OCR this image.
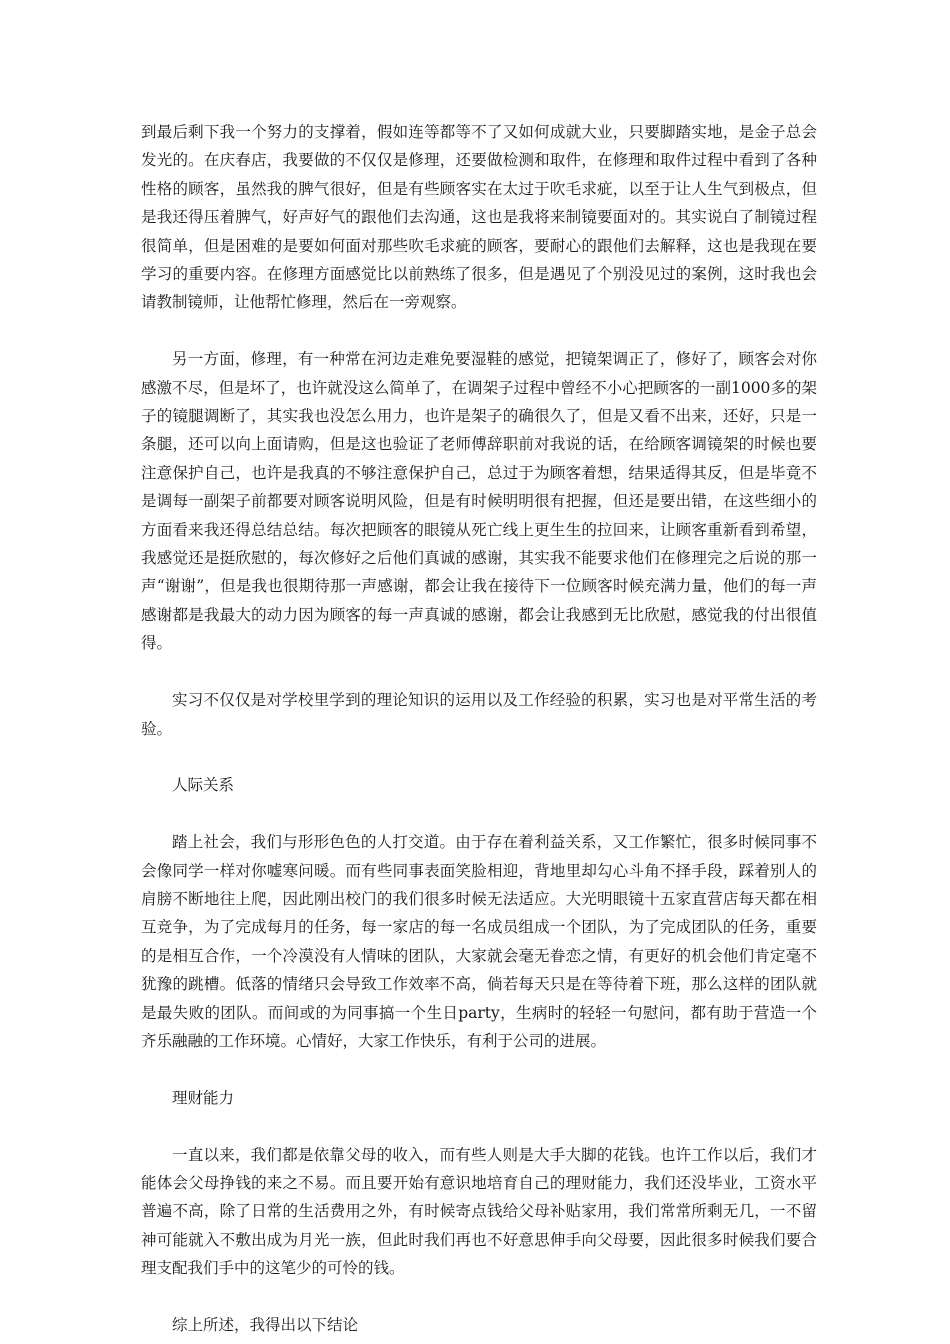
到最后剩下我一个努力的支撑着，假如连等都等不了又如何成就大业，只要脚踏实地，是金子总会发光的。在庆春店，我要做的不仅仅是修理，还要做检测和取件，在修理和取件过程中看到了各种性格的顾客，虽然我的脾气很好，但是有些顾客实在太过于吹毛求疵，以至于让人生气到极点，但是我还得压着脾气，好声好气的跟他们去沟通，这也是我将来制镜要面对的。其实说白了制镜过程很简单，但是困难的是要如何面对那些吹毛求疵的顾客，要耐心的跟他们去解释，这也是我现在要学习的重要内容。在修理方面感觉比以前熟练了很多，但是遇见了个别没见过的案例，这时我也会请教制镜师，让他帮忙修理，然后在一旁观察。

另一方面，修理，有一种常在河边走难免要湿鞋的感觉，把镜架调正了，修好了，顾客会对你感激不尽，但是坏了，也许就没这么简单了，在调架子过程中曾经不小心把顾客的一副1000多的架子的镜腿调断了，其实我也没怎么用力，也许是架子的确很久了，但是又看不出来，还好，只是一条腿，还可以向上面请购，但是这也验证了老师傅辞职前对我说的话，在给顾客调镜架的时候也要注意保护自己，也许是我真的不够注意保护自己，总过于为顾客着想，结果适得其反，但是毕竟不是调每一副架子前都要对顾客说明风险，但是有时候明明很有把握，但还是要出错，在这些细小的方面看来我还得总结总结。每次把顾客的眼镜从死亡线上更生生的拉回来，让顾客重新看到希望，我感觉还是挺欣慰的，每次修好之后他们真诚的感谢，其实我不能要求他们在修理完之后说的那一声“谢谢”，但是我也很期待那一声感谢，都会让我在接待下一位顾客时候充满力量，他们的每一声感谢都是我最大的动力因为顾客的每一声真诚的感谢，都会让我感到无比欣慰，感觉我的付出很值得。

实习不仅仅是对学校里学到的理论知识的运用以及工作经验的积累，实习也是对平常生活的考验。

人际关系

踏上社会，我们与形形色色的人打交道。由于存在着利益关系，又工作繁忙，很多时候同事不会像同学一样对你嘘寒问暖。而有些同事表面笑脸相迎，背地里却勾心斗角不择手段，踩着别人的肩膀不断地往上爬，因此刚出校门的我们很多时候无法适应。大光明眼镜十五家直营店每天都在相互竞争，为了完成每月的任务，每一家店的每一名成员组成一个团队，为了完成团队的任务，重要的是相互合作，一个冷漠没有人情味的团队，大家就会毫无眷恋之情，有更好的机会他们肯定毫不犹豫的跳槽。低落的情绪只会导致工作效率不高，倘若每天只是在等待着下班，那么这样的团队就是最失败的团队。而间或的为同事搞一个生日party，生病时的轻轻一句慰问，都有助于营造一个齐乐融融的工作环境。心情好，大家工作快乐，有利于公司的进展。

理财能力

一直以来，我们都是依靠父母的收入，而有些人则是大手大脚的花钱。也许工作以后，我们才能体会父母挣钱的来之不易。而且要开始有意识地培育自己的理财能力，我们还没毕业，工资水平普遍不高，除了日常的生活费用之外，有时候寄点钱给父母补贴家用，我们常常所剩无几，一不留神可能就入不敷出成为月光一族，但此时我们再也不好意思伸手向父母要，因此很多时候我们要合理支配我们手中的这笔少的可怜的钱。

综上所述，我得出以下结论
